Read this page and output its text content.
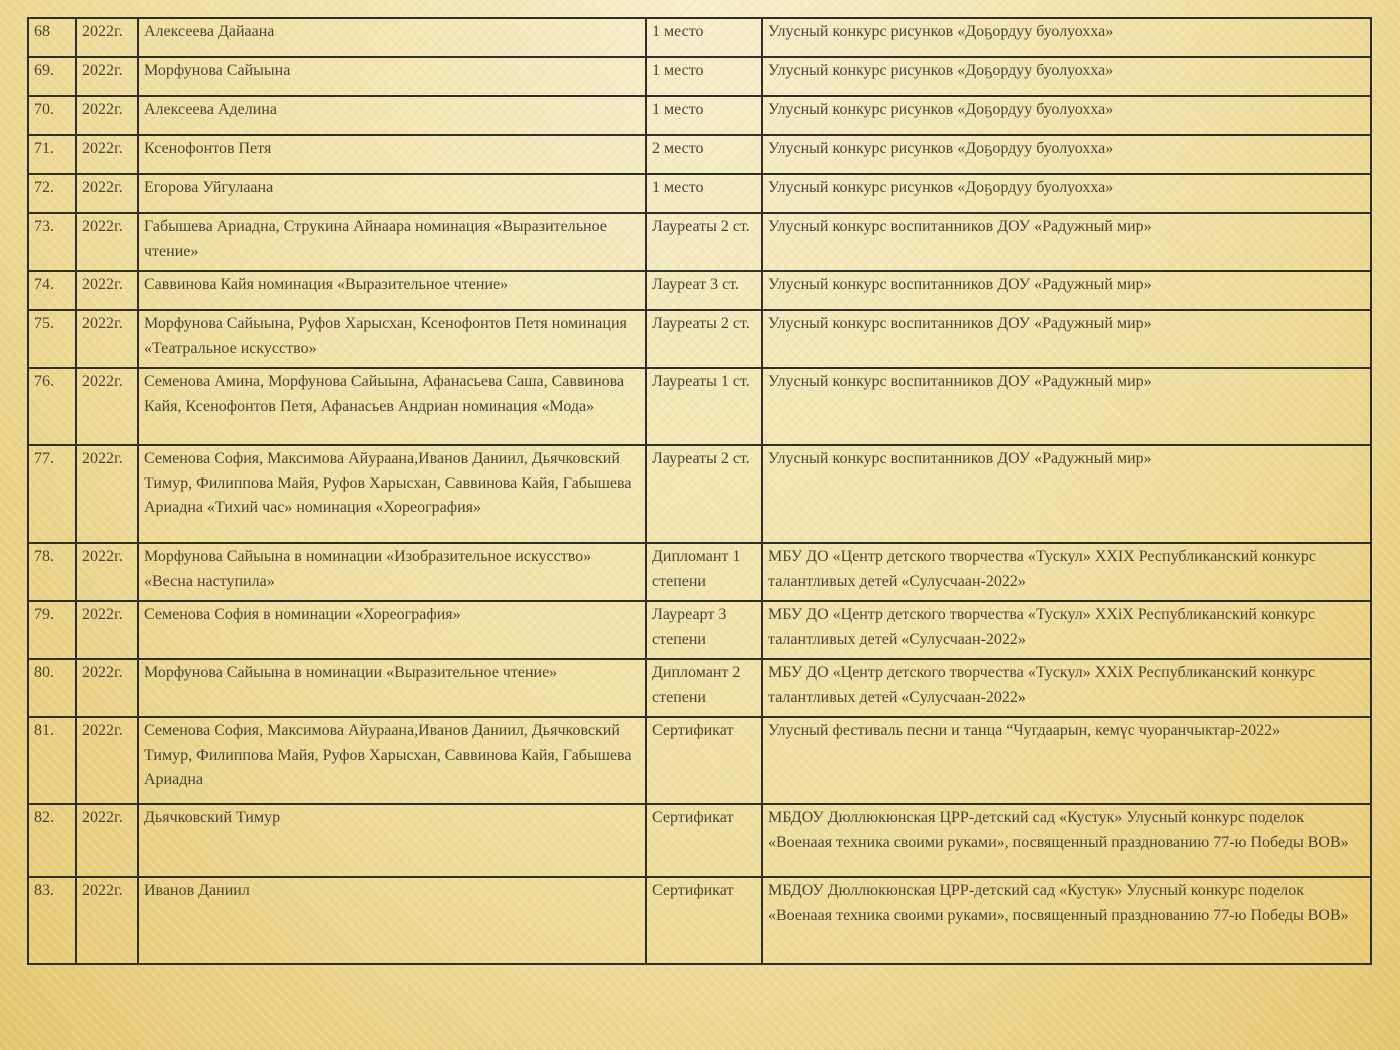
68	2022г.	Алексеева Дайаана	1 место	Улусный конкурс рисунков «Доҕордуу буолуохха»
69.	2022г.	Морфунова Сайыына	1 место	Улусный конкурс рисунков «Доҕордуу буолуохха»
70.	2022г.	Алексеева Аделина	1 место	Улусный конкурс рисунков «Доҕордуу буолуохха»
71.	2022г.	Ксенофонтов Петя	2 место	Улусный конкурс рисунков «Доҕордуу буолуохха»
72.	2022г.	Егорова Уйгулаана	1 место	Улусный конкурс рисунков «Доҕордуу буолуохха»
73.	2022г.	Габышева Ариадна, Струкина Айнаара номинация «Выразительное чтение»	Лауреаты 2 ст.	Улусный конкурс воспитанников ДОУ «Радужный мир»
74.	2022г.	Саввинова Кайя номинация «Выразительное чтение»	Лауреат 3 ст.	Улусный конкурс воспитанников ДОУ «Радужный мир»
75.	2022г.	Морфунова Сайыына, Руфов Харысхан, Ксенофонтов Петя номинация «Театральное искусство»	Лауреаты 2 ст.	Улусный конкурс воспитанников ДОУ «Радужный мир»
76.	2022г.	Семенова Амина, Морфунова Сайыына, Афанасьева Саша, Саввинова Кайя, Ксенофонтов Петя, Афанасьев Андриан номинация «Мода»	Лауреаты 1 ст.	Улусный конкурс воспитанников ДОУ «Радужный мир»
77.	2022г.	Семенова София, Максимова Айурaана,Иванов Даниил, Дьячковский Тимур, Филиппова Майя, Руфов Харысхан, Саввинова Кайя, Габышева Ариадна «Тихий час» номинация «Хореография»	Лауреаты 2 ст.	Улусный конкурс воспитанников ДОУ «Радужный мир»
78.	2022г.	Морфунова Сайыына в номинации «Изобразительное искусство» «Весна наступила»	Дипломант 1 степени	МБУ ДО «Центр детского творчества «Тускул» XXIX Республиканский конкурс талантливых детей «Сулусчаан-2022»
79.	2022г.	Семенова София в номинации «Хореография»	Лауреарт 3 степени	МБУ ДО «Центр детского творчества «Тускул» XXiX Республиканский конкурс талантливых детей «Сулусчаан-2022»
80.	2022г.	Морфунова Сайыына в номинации «Выразительное чтение»	Дипломант 2 степени	МБУ ДО «Центр детского творчества «Тускул» XXiX Республиканский конкурс талантливых детей «Сулусчаан-2022»
81.	2022г.	Семенова София, Максимова Айурaана,Иванов Даниил, Дьячковский Тимур, Филиппова Майя, Руфов Харысхан, Саввинова Кайя, Габышева Ариадна	Сертификат	Улусный фестиваль песни и танца “Чугдаарын, кемүс чуоранчыктар-2022»
82.	2022г.	Дьячковский Тимур	Сертификат	МБДОУ Дюллюкюнская ЦРР-детский сад «Кустук» Улусный конкурс поделок «Военаая техника своими руками», посвященный празднованию 77-ю Победы ВОВ»
83.	2022г.	Иванов Даниил	Сертификат	МБДОУ Дюллюкюнская ЦРР-детский сад «Кустук» Улусный конкурс поделок «Военаая техника своими руками», посвященный празднованию 77-ю Победы ВОВ»
